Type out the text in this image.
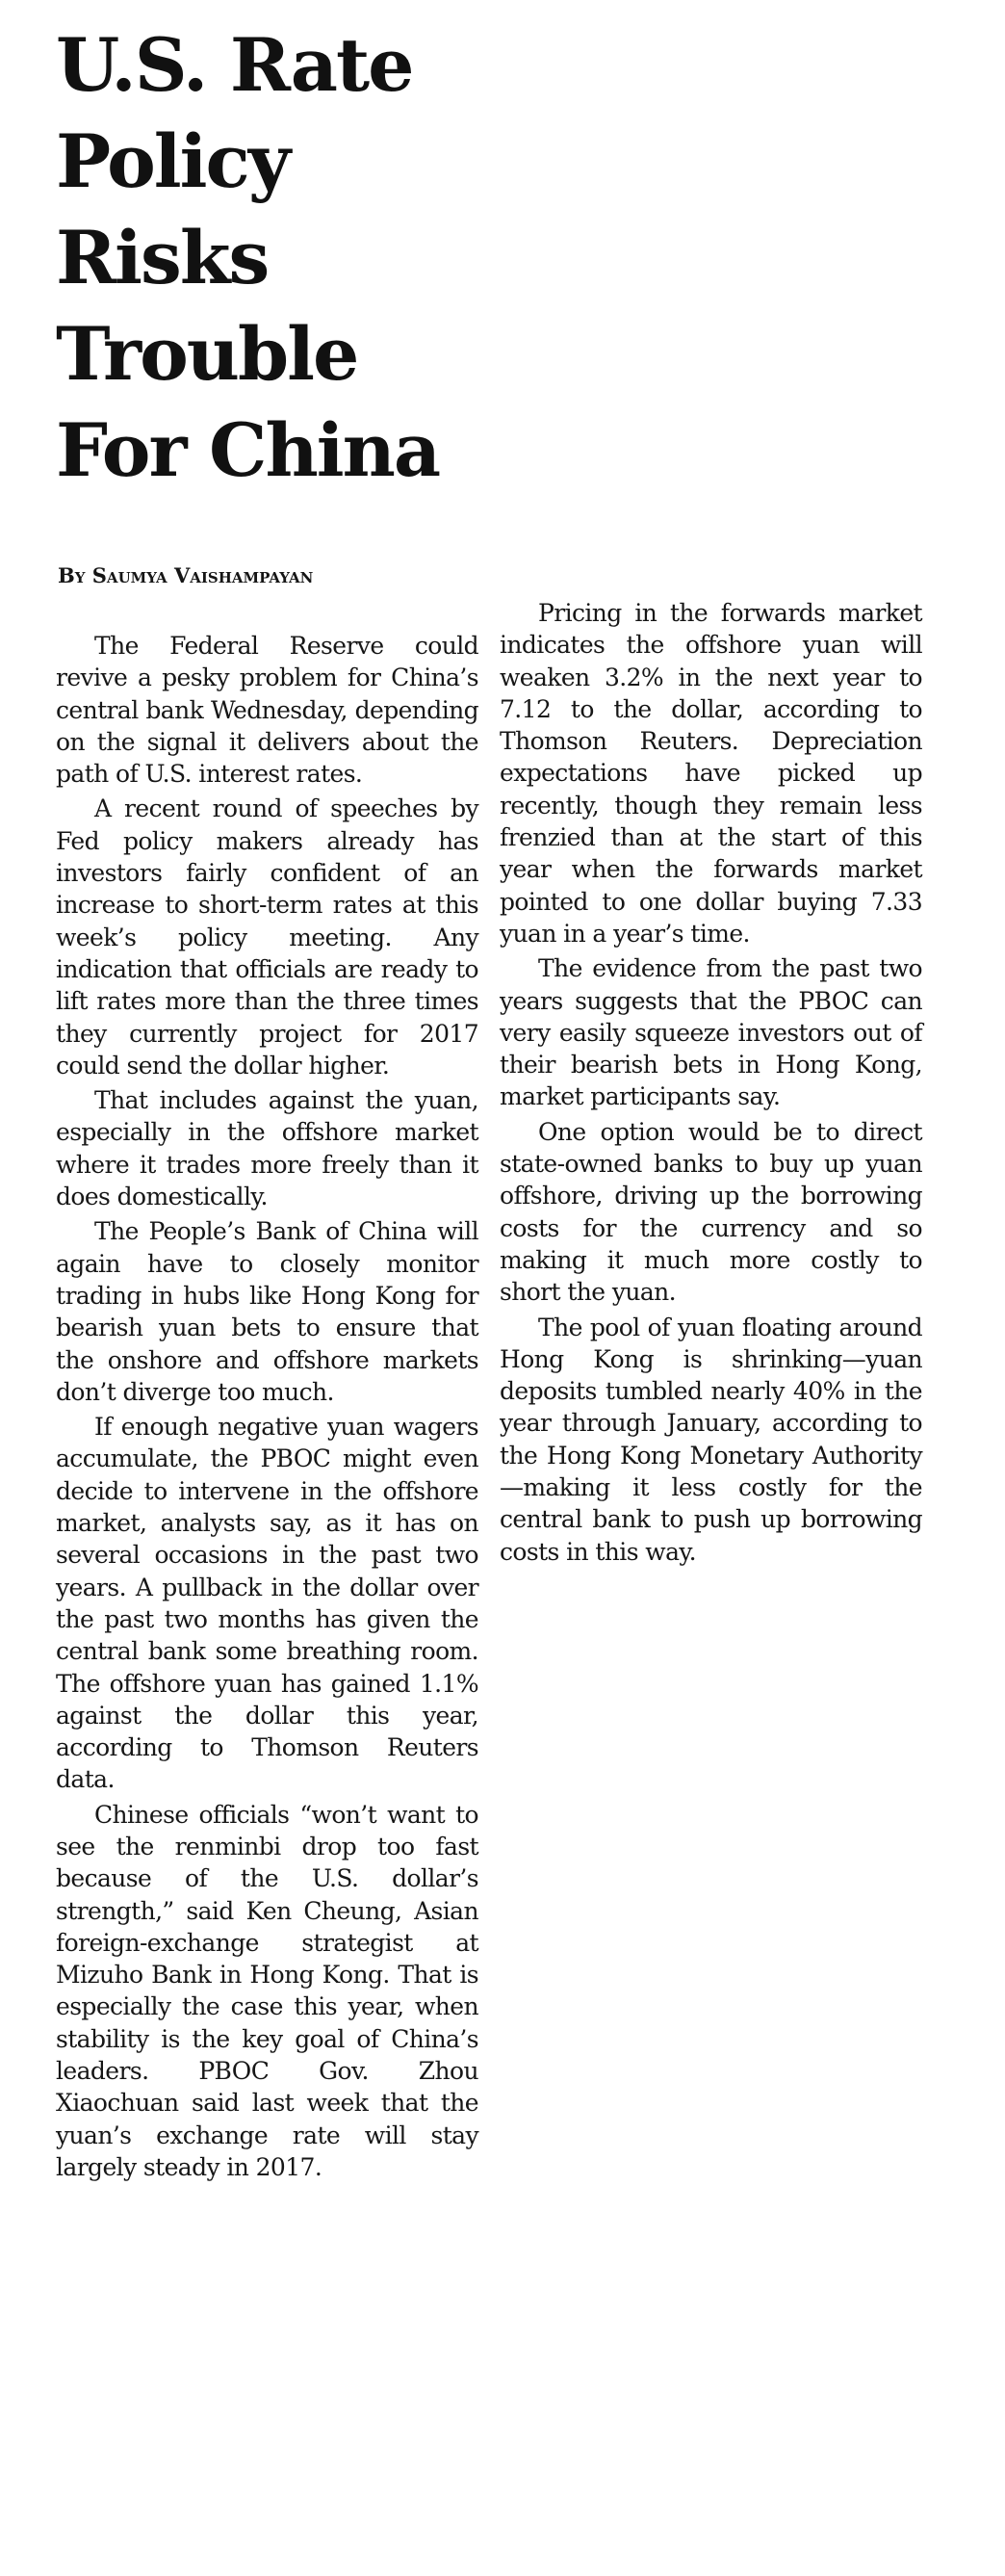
U.S. Rate
Policy
Risks
Trouble
For China
By Saumya Vaishampayan

The Federal Reserve could revive a pesky problem for China’s central bank Wednesday, depending on the signal it delivers about the path of U.S. interest rates.

A recent round of speeches by Fed policy makers already has investors fairly confident of an increase to short-term rates at this week’s policy meeting. Any indication that officials are ready to lift rates more than the three times they currently project for 2017 could send the dollar higher.

That includes against the yuan, especially in the offshore market where it trades more freely than it does domestically.

The People’s Bank of China will again have to closely monitor trading in hubs like Hong Kong for bearish yuan bets to ensure that the onshore and offshore markets don’t diverge too much.

If enough negative yuan wagers accumulate, the PBOC might even decide to intervene in the offshore market, analysts say, as it has on several occasions in the past two years. A pullback in the dollar over the past two months has given the central bank some breathing room. The offshore yuan has gained 1.1% against the dollar this year, according to Thomson Reuters data.

Chinese officials “won’t want to see the renminbi drop too fast because of the U.S. dollar’s strength,” said Ken Cheung, Asian foreign-exchange strategist at Mizuho Bank in Hong Kong. That is especially the case this year, when stability is the key goal of China’s leaders. PBOC Gov. Zhou Xiaochuan said last week that the yuan’s exchange rate will stay largely steady in 2017.

Pricing in the forwards market indicates the offshore yuan will weaken 3.2% in the next year to 7.12 to the dollar, according to Thomson Reuters. Depreciation expectations have picked up recently, though they remain less frenzied than at the start of this year when the forwards market pointed to one dollar buying 7.33 yuan in a year’s time.

The evidence from the past two years suggests that the PBOC can very easily squeeze investors out of their bearish bets in Hong Kong, market participants say.

One option would be to direct state-owned banks to buy up yuan offshore, driving up the borrowing costs for the currency and so making it much more costly to short the yuan.

The pool of yuan floating around Hong Kong is shrinking—yuan deposits tumbled nearly 40% in the year through January, according to the Hong Kong Monetary Authority—making it less costly for the central bank to push up borrowing costs in this way.
